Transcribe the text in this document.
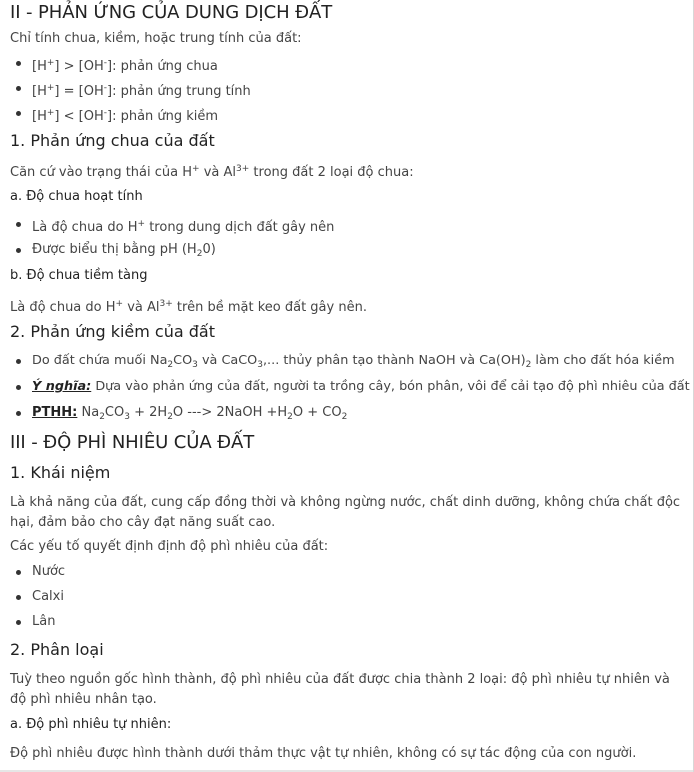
II - PHẢN ỨNG CỦA DUNG DỊCH ĐẤT

Chỉ tính chua, kiềm, hoặc trung tính của đất:

[H+] > [OH-]: phản ứng chua
[H+] = [OH-]: phản ứng trung tính
[H+] < [OH-]: phản ứng kiềm
1. Phản ứng chua của đất

Căn cứ vào trạng thái của H+ và $Al^{3+}$ trong đất 2 loại độ chua:

a. Độ chua hoạt tính
Là độ chua do H+ trong dung dịch đất gây nên
Được biểu thị bằng pH $(H_20)$
b. Độ chua tiềm tàng

Là độ chua do H+ và $Al^{3+}$ trên bề mặt keo đất gây nên.

2. Phản ứng kiềm của đất
Do đất chứa muối $Na_2CO_3$ và CaCO$_3$,... thủy phân tạo thành NaOH và $Ca(OH)_2$ làm cho đất hóa kiềm
Ý nghĩa: Dựa vào phản ứng của đất, người ta trồng cây, bón phân, vôi để cải tạo độ phì nhiêu của đất
PTHH: $Na_2CO_3 + 2H_2O$ ---> 2NaOH $+H_2O + CO_2$
III - ĐỘ PHÌ NHIÊU CỦA ĐẤT
1. Khái niệm

Là khả năng của đất, cung cấp đồng thời và không ngừng nước, chất dinh dưỡng, không chứa chất độc hại, đảm bảo cho cây đạt năng suất cao.

Các yếu tố quyết định định độ phì nhiêu của đất:

Nước
Calxi
Lân
2. Phân loại

Tuỳ theo nguồn gốc hình thành, độ phì nhiêu của đất được chia thành 2 loại: độ phì nhiêu tự nhiên và độ phì nhiêu nhân tạo.

a. Độ phì nhiêu tự nhiên:

Độ phì nhiêu được hình thành dưới thảm thực vật tự nhiên, không có sự tác động của con người.
